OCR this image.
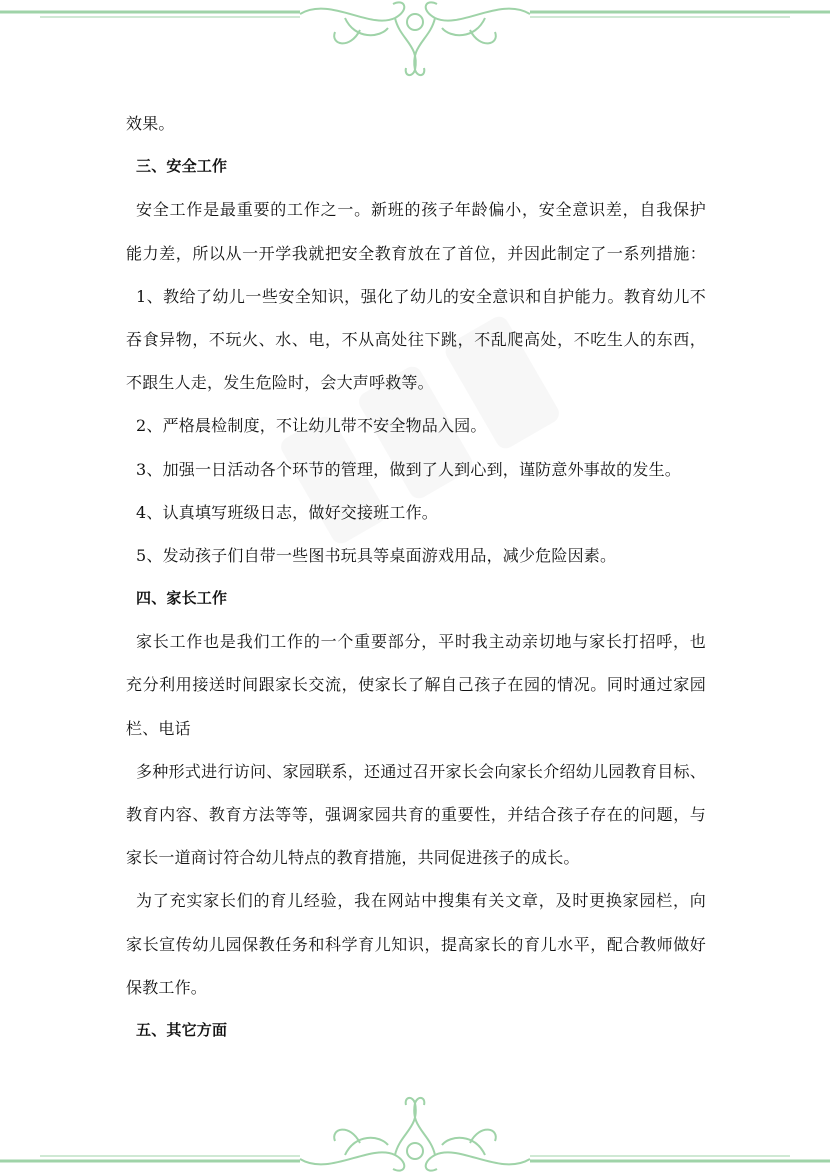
效果。
三、安全工作
安全工作是最重要的工作之一。新班的孩子年龄偏小，安全意识差，自我保护
能力差，所以从一开学我就把安全教育放在了首位，并因此制定了一系列措施：
1、教给了幼儿一些安全知识，强化了幼儿的安全意识和自护能力。教育幼儿不
吞食异物，不玩火、水、电，不从高处往下跳，不乱爬高处，不吃生人的东西，
不跟生人走，发生危险时，会大声呼救等。
2、严格晨检制度，不让幼儿带不安全物品入园。
3、加强一日活动各个环节的管理，做到了人到心到，谨防意外事故的发生。
4、认真填写班级日志，做好交接班工作。
5、发动孩子们自带一些图书玩具等桌面游戏用品，减少危险因素。
四、家长工作
家长工作也是我们工作的一个重要部分，平时我主动亲切地与家长打招呼，也
充分利用接送时间跟家长交流，使家长了解自己孩子在园的情况。同时通过家园
栏、电话
多种形式进行访问、家园联系，还通过召开家长会向家长介绍幼儿园教育目标、
教育内容、教育方法等等，强调家园共育的重要性，并结合孩子存在的问题，与
家长一道商讨符合幼儿特点的教育措施，共同促进孩子的成长。
为了充实家长们的育儿经验，我在网站中搜集有关文章，及时更换家园栏，向
家长宣传幼儿园保教任务和科学育儿知识，提高家长的育儿水平，配合教师做好
保教工作。
五、其它方面
